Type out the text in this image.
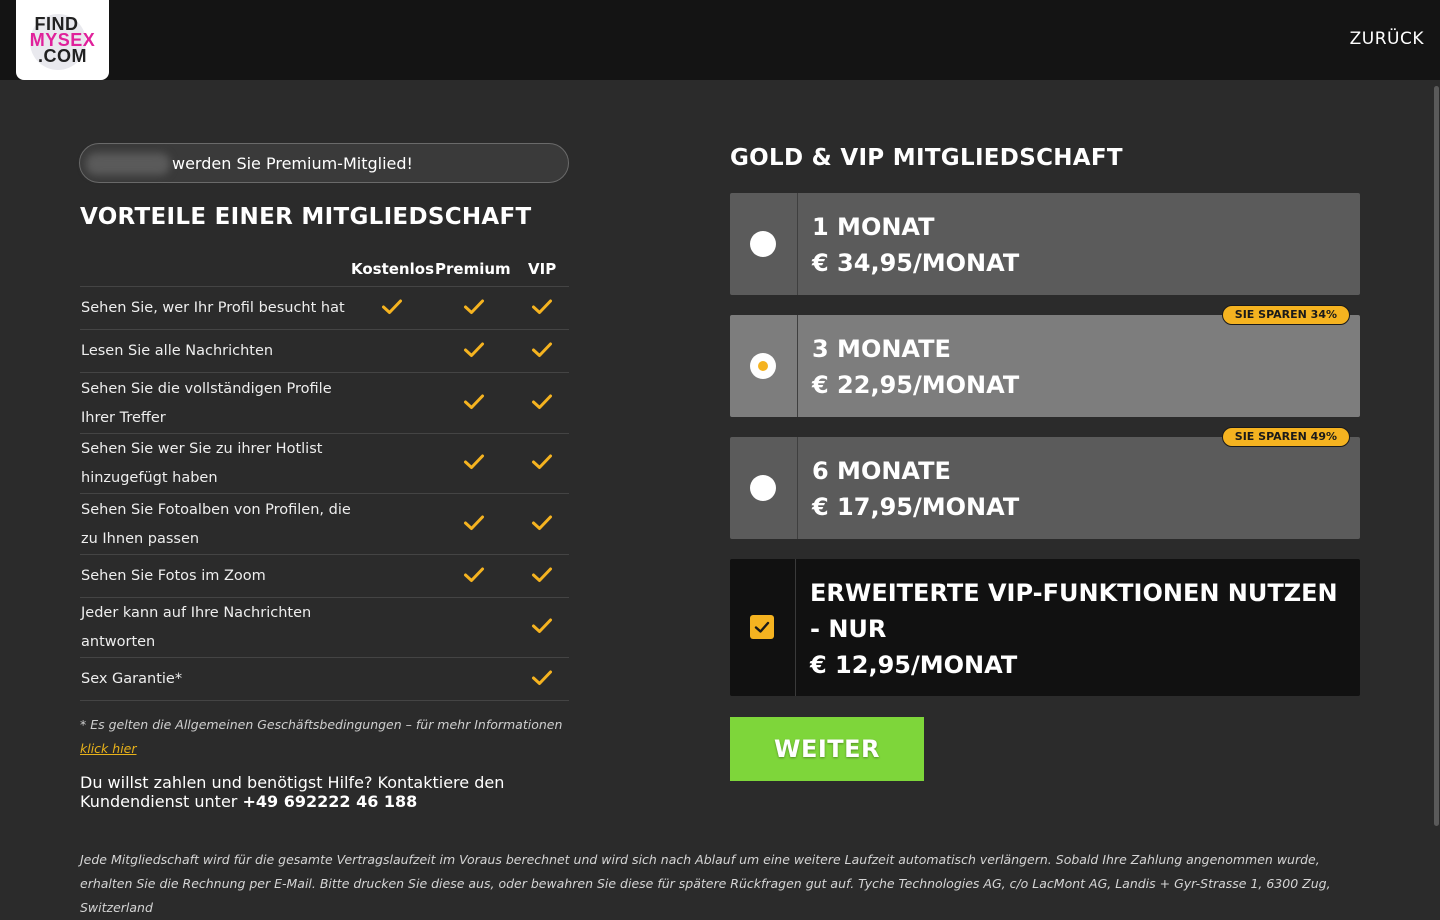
FIND
MYSEX
.COM
ZURÜCK
werden Sie Premium-Mitglied!
VORTEILE EINER MITGLIEDSCHAFT
Kostenlos Premium VIP
Sehen Sie, wer Ihr Profil besucht hat
Lesen Sie alle Nachrichten
Sehen Sie die vollständigen Profile Ihrer Treffer
Sehen Sie wer Sie zu ihrer Hotlist hinzugefügt haben
Sehen Sie Fotoalben von Profilen, die zu Ihnen passen
Sehen Sie Fotos im Zoom
Jeder kann auf Ihre Nachrichten antworten
Sex Garantie*
* Es gelten die Allgemeinen Geschäftsbedingungen – für mehr Informationen
klick hier
Du willst zahlen und benötigst Hilfe? Kontaktiere den Kundendienst unter +49 692222 46 188
GOLD & VIP MITGLIEDSCHAFT
1 MONAT
€ 34,95/MONAT
3 MONATE
€ 22,95/MONAT
SIE SPAREN 34%
6 MONATE
€ 17,95/MONAT
SIE SPAREN 49%
ERWEITERTE VIP-FUNKTIONEN NUTZEN - NUR
€ 12,95/MONAT
WEITER
Jede Mitgliedschaft wird für die gesamte Vertragslaufzeit im Voraus berechnet und wird sich nach Ablauf um eine weitere Laufzeit automatisch verlängern. Sobald Ihre Zahlung angenommen wurde, erhalten Sie die Rechnung per E-Mail. Bitte drucken Sie diese aus, oder bewahren Sie diese für spätere Rückfragen gut auf. Tyche Technologies AG, c/o LacMont AG, Landis + Gyr-Strasse 1, 6300 Zug, Switzerland
